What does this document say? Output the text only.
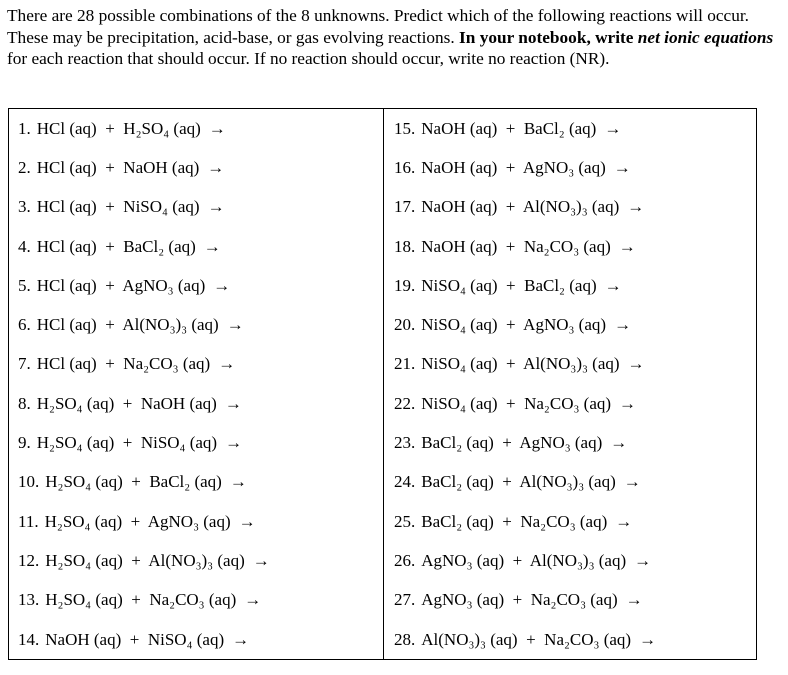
There are 28 possible combinations of the 8 unknowns. Predict which of the following reactions will occur. These may be precipitation, acid-base, or gas evolving reactions. In your notebook, write net ionic equations for each reaction that should occur. If no reaction should occur, write no reaction (NR).
1. HCl (aq)  +  H₂SO₄ (aq) →
2. HCl (aq)  +  NaOH (aq) →
3. HCl (aq)  +  NiSO₄ (aq) →
4. HCl (aq)  +  BaCl₂ (aq) →
5. HCl (aq)  +  AgNO₃ (aq) →
6. HCl (aq)  +  Al(NO₃)₃ (aq) →
7. HCl (aq)  +  Na₂CO₃ (aq) →
8. H₂SO₄ (aq)  +  NaOH (aq) →
9. H₂SO₄ (aq)  +  NiSO₄ (aq) →
10. H₂SO₄ (aq)  +  BaCl₂ (aq) →
11. H₂SO₄ (aq)  +  AgNO₃ (aq) →
12. H₂SO₄ (aq)  +  Al(NO₃)₃ (aq) →
13. H₂SO₄ (aq)  +  Na₂CO₃ (aq) →
14. NaOH (aq)  +  NiSO₄ (aq) →
15. NaOH (aq)  +  BaCl₂ (aq) →
16. NaOH (aq)  +  AgNO₃ (aq) →
17. NaOH (aq)  +  Al(NO₃)₃ (aq) →
18. NaOH (aq)  +  Na₂CO₃ (aq) →
19. NiSO₄ (aq)  +  BaCl₂ (aq) →
20. NiSO₄ (aq)  +  AgNO₃ (aq) →
21. NiSO₄ (aq)  +  Al(NO₃)₃ (aq) →
22. NiSO₄ (aq)  +  Na₂CO₃ (aq) →
23. BaCl₂ (aq)  +  AgNO₃ (aq) →
24. BaCl₂ (aq)  +  Al(NO₃)₃ (aq) →
25. BaCl₂ (aq)  +  Na₂CO₃ (aq) →
26. AgNO₃ (aq)  +  Al(NO₃)₃ (aq) →
27. AgNO₃ (aq)  +  Na₂CO₃ (aq) →
28. Al(NO₃)₃ (aq)  +  Na₂CO₃ (aq) →
